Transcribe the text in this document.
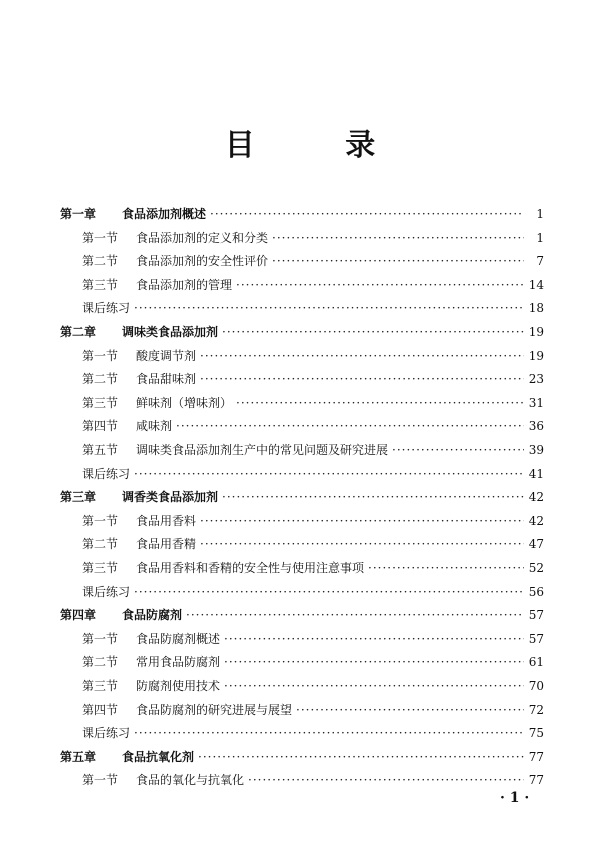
目 录
第一章	食品添加剂概述 ·····	1
第一节	食品添加剂的定义和分类 ·····	1
第二节	食品添加剂的安全性评价 ·····	7
第三节	食品添加剂的管理 ·····	14
课后练习 ·····	18
第二章	调味类食品添加剂 ·····	19
第一节	酸度调节剂 ·····	19
第二节	食品甜味剂 ·····	23
第三节	鲜味剂（增味剂） ·····	31
第四节	咸味剂 ·····	36
第五节	调味类食品添加剂生产中的常见问题及研究进展 ·····	39
课后练习 ·····	41
第三章	调香类食品添加剂 ·····	42
第一节	食品用香料 ·····	42
第二节	食品用香精 ·····	47
第三节	食品用香料和香精的安全性与使用注意事项 ·····	52
课后练习 ·····	56
第四章	食品防腐剂 ·····	57
第一节	食品防腐剂概述 ·····	57
第二节	常用食品防腐剂 ·····	61
第三节	防腐剂使用技术 ·····	70
第四节	食品防腐剂的研究进展与展望 ·····	72
课后练习 ·····	75
第五章	食品抗氧化剂 ·····	77
第一节	食品的氧化与抗氧化 ·····	77
· 1 ·
